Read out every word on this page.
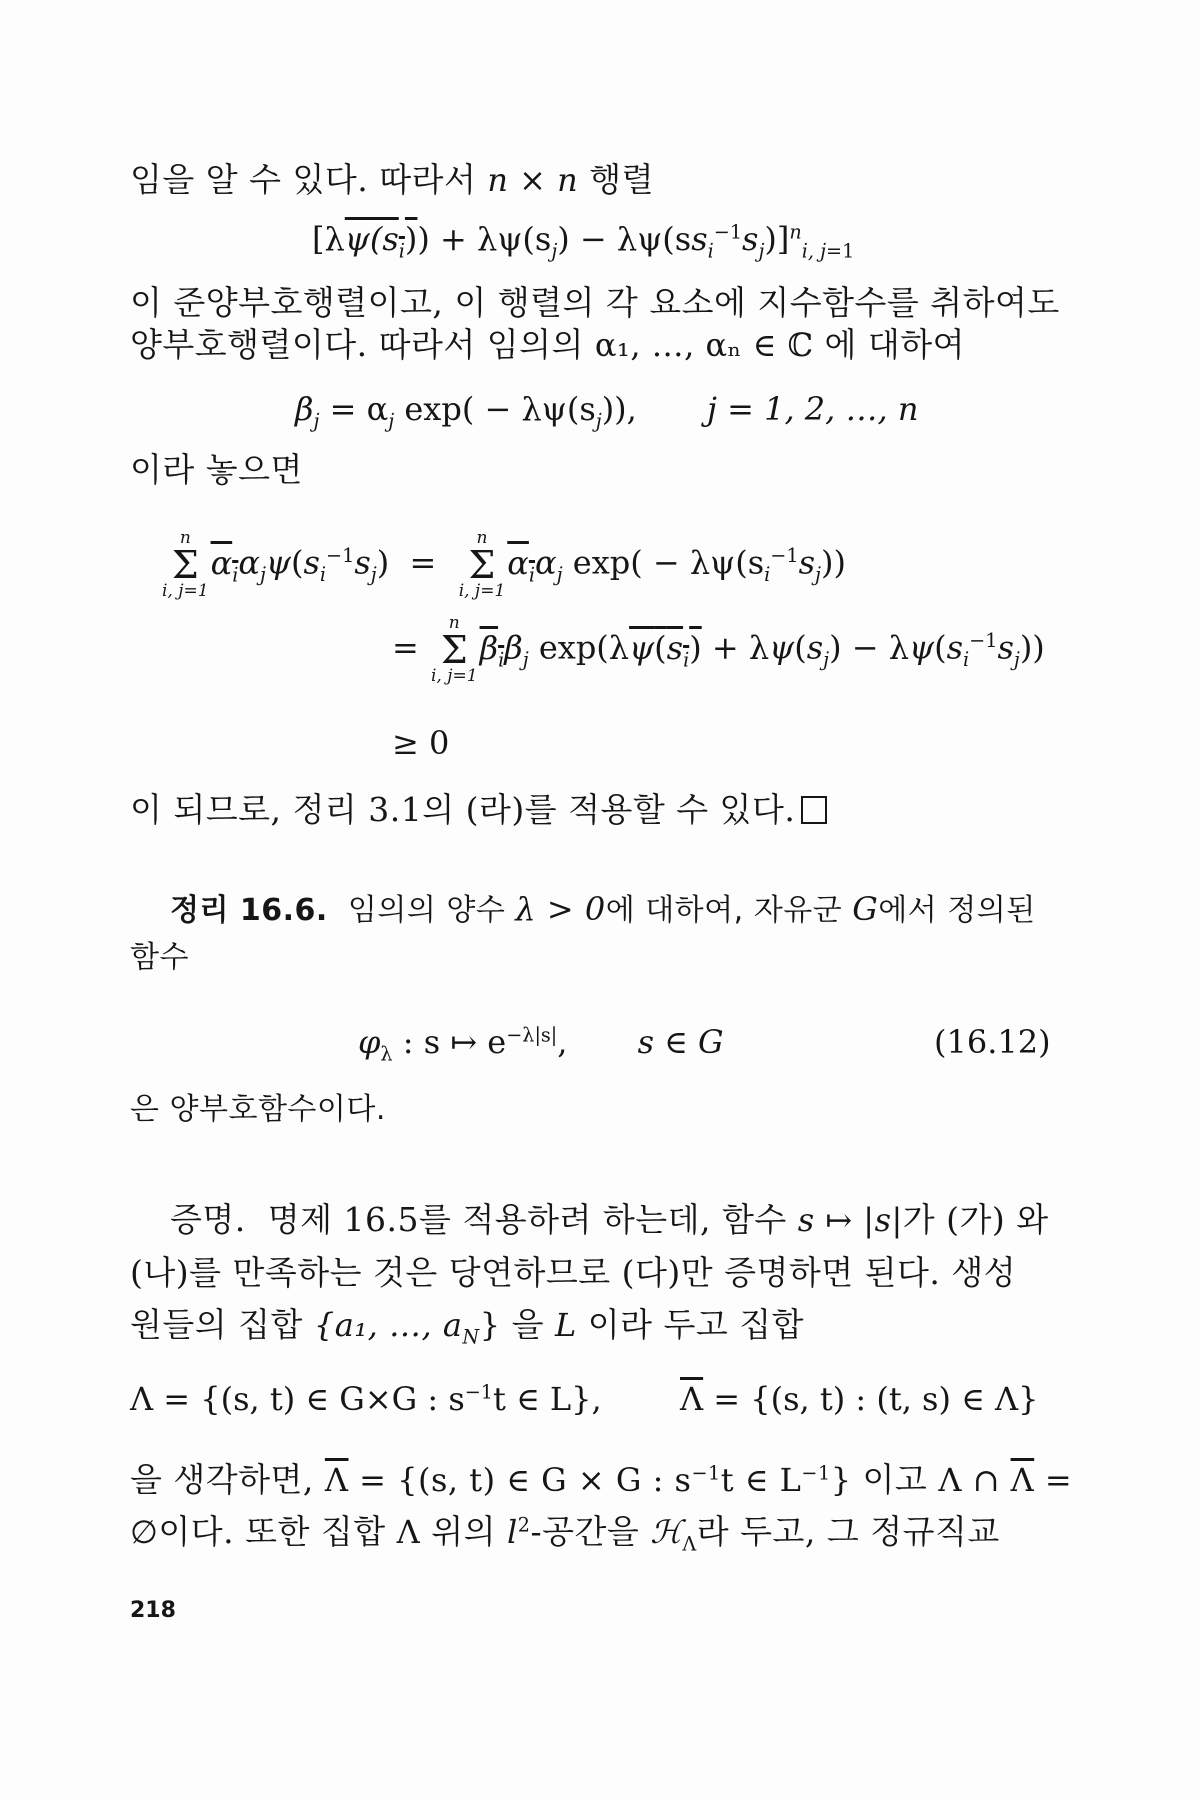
임을 알 수 있다. 따라서 n × n 행렬
$[\lambda\psi(s_i)) + \lambda\psi(s_j) - \lambda\psi(ss_i^{-1}s_j)]^n_{i, j=1}$
이 준양부호행렬이고, 이 행렬의 각 요소에 지수함수를 취하여도
양부호행렬이다. 따라서 임의의 α₁, …, αₙ ∈ ℂ 에 대하여
$\beta_j = \alpha_j$ $\exp( - \lambda\psi(s_j))$, j = 1, 2, …, n
이라 놓으면
n
Σ
i, j=1
$\alpha_i\alpha_j\psi(s_i^{-1}s_j)$  =
n
Σ
i, j=1
$\alpha_i\alpha_j$ $\exp( - \lambda\psi(s_i^{-1}s_j))$
=
n
Σ
i, j=1
$\beta_i\beta_j$ $\exp(\lambda\psi(s_i) + \lambda\psi(s_j) - \lambda\psi(s_i^{-1}s_j))$
≥ 0
이 되므로, 정리 3.1의 (라)를 적용할 수 있다.
정리 16.6. 임의의 양수 λ > 0에 대하여, 자유군 G에서 정의된
함수
$\varphi_\lambda$ : s ↦ $e^{-\lambda|s|}$, s ∈ G	(16.12)
은 양부호함수이다.
증명. 명제 16.5를 적용하려 하는데, 함수 s ↦ |s|가 (가) 와
(나)를 만족하는 것은 당연하므로 (다)만 증명하면 된다. 생성
원들의 집합 {a₁, …, $a_N$} 을 L 이라 두고 집합
Λ = {(s, t) ∈ G×G : $s^{-1}t$ ∈ L}, $\overline{\Lambda} = \{(s$, t) : (t, s) ∈ Λ}
을 생각하면, $\overline{\Lambda} = \{(s$, t) ∈ G × G : $s^{-1}t$ ∈ $L^{-1}$} 이고 Λ ∩ $\overline{\Lambda}$ =
∅이다. 또한 집합 Λ 위의 $l^2-$공간을 ℋ$_\Lambda$라 두고, 그 정규직교
218
